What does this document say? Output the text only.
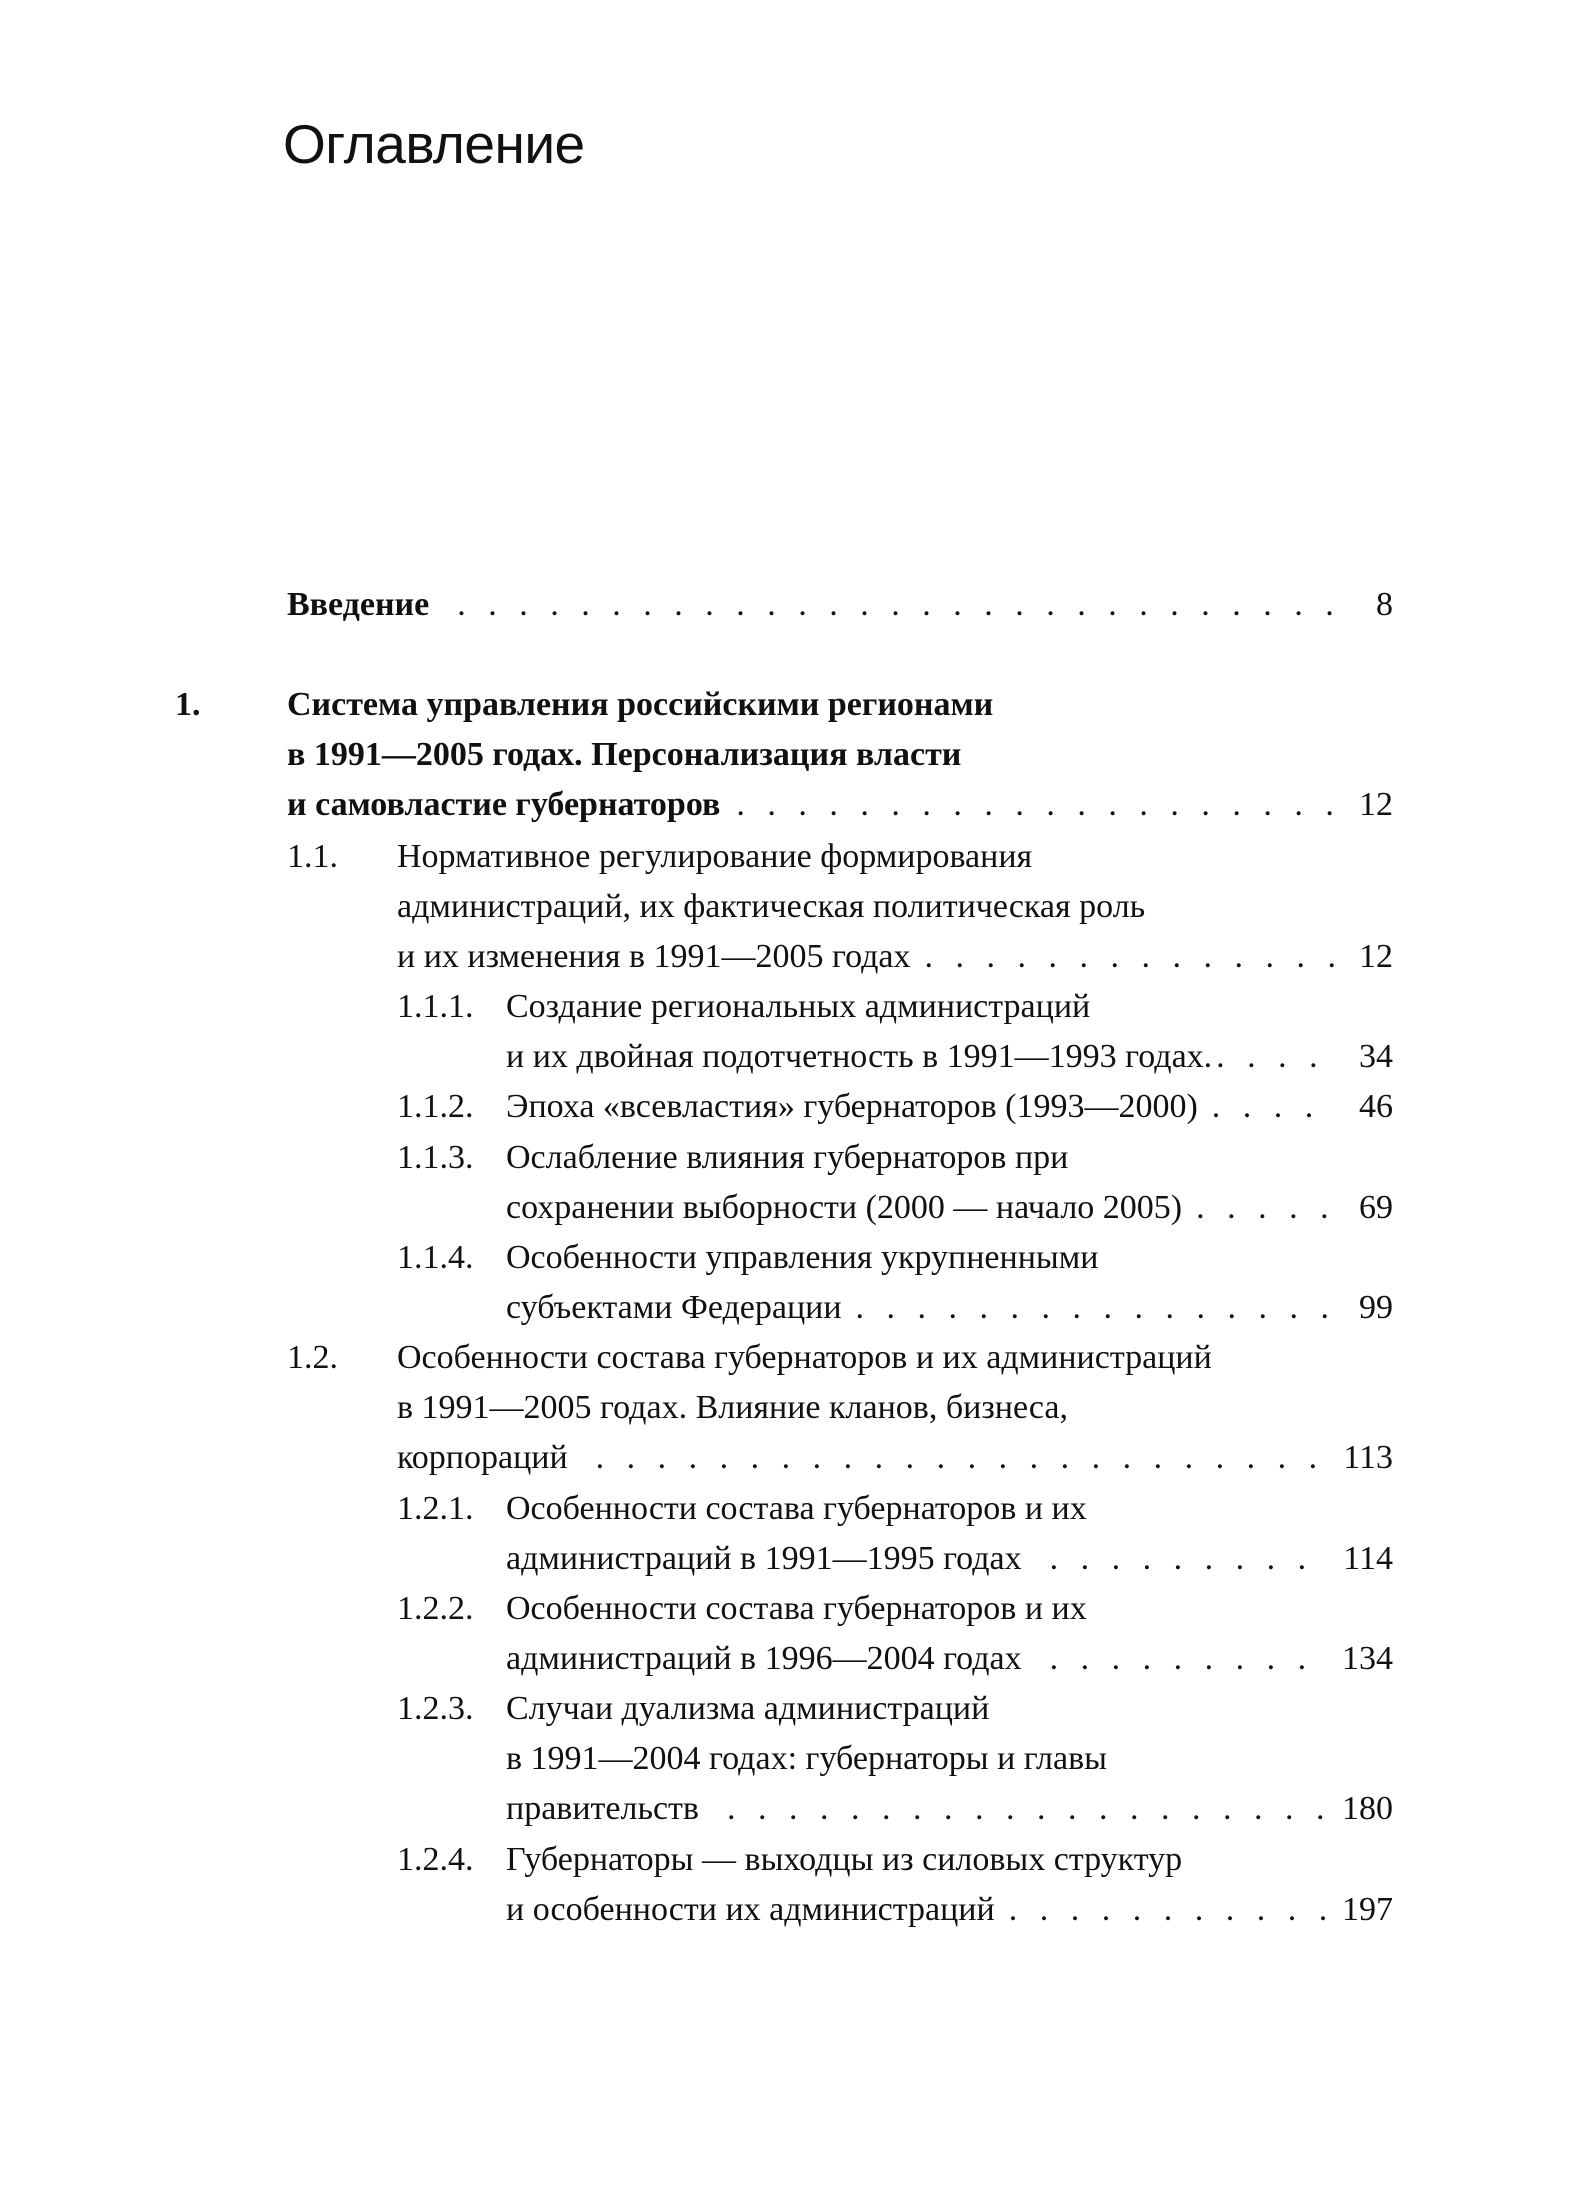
Оглавление
Введение . . .	8
1.	Система управления российскими регионами
в 1991—2005 годах. Персонализация власти
и самовластие губернаторов . . .	12
1.1. Нормативное регулирование формирования
администраций, их фактическая политическая роль
и их изменения в 1991—2005 годах . . .	12
1.1.1. Создание региональных администраций
и их двойная подотчетность в 1991—1993 годах. . . .	34
1.1.2. Эпоха «всевластия» губернаторов (1993—2000) . . .	46
1.1.3. Ослабление влияния губернаторов при
сохранении выборности (2000 — начало 2005) . . .	69
1.1.4. Особенности управления укрупненными
субъектами Федерации . . .	99
1.2. Особенности состава губернаторов и их администраций
в 1991—2005 годах. Влияние кланов, бизнеса,
корпораций . . .	113
1.2.1. Особенности состава губернаторов и их
администраций в 1991—1995 годах . . .	114
1.2.2. Особенности состава губернаторов и их
администраций в 1996—2004 годах . . .	134
1.2.3. Случаи дуализма администраций
в 1991—2004 годах: губернаторы и главы
правительств . . .	180
1.2.4. Губернаторы — выходцы из силовых структур
и особенности их администраций . . .	197
